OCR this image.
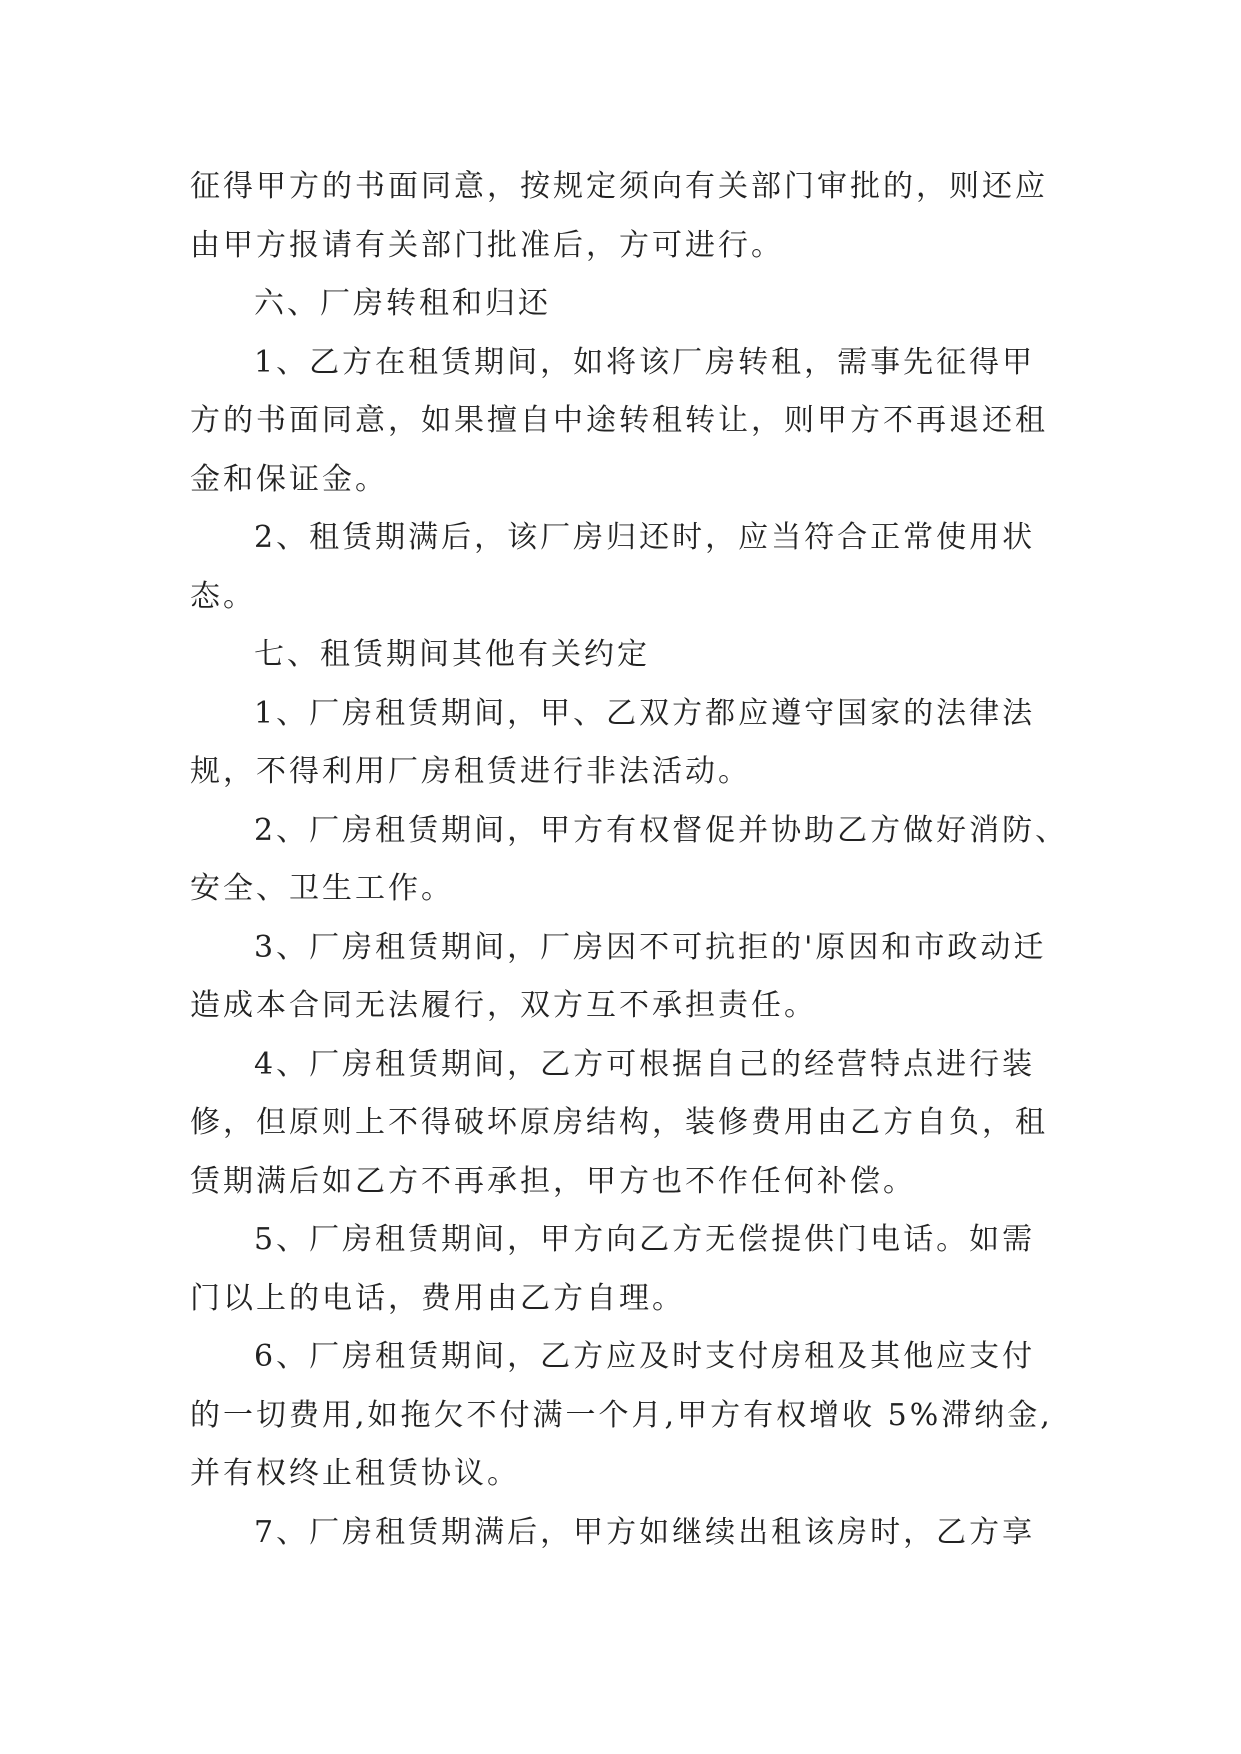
征得甲方的书面同意，按规定须向有关部门审批的，则还应
由甲方报请有关部门批准后，方可进行。
六、厂房转租和归还
1、乙方在租赁期间，如将该厂房转租，需事先征得甲
方的书面同意，如果擅自中途转租转让，则甲方不再退还租
金和保证金。
2、租赁期满后，该厂房归还时，应当符合正常使用状
态。
七、租赁期间其他有关约定
1、厂房租赁期间，甲、乙双方都应遵守国家的法律法
规，不得利用厂房租赁进行非法活动。
2、厂房租赁期间，甲方有权督促并协助乙方做好消防、
安全、卫生工作。
3、厂房租赁期间，厂房因不可抗拒的'原因和市政动迁
造成本合同无法履行，双方互不承担责任。
4、厂房租赁期间，乙方可根据自己的经营特点进行装
修，但原则上不得破坏原房结构，装修费用由乙方自负，租
赁期满后如乙方不再承担，甲方也不作任何补偿。
5、厂房租赁期间，甲方向乙方无偿提供门电话。如需
门以上的电话，费用由乙方自理。
6、厂房租赁期间，乙方应及时支付房租及其他应支付
的一切费用,如拖欠不付满一个月,甲方有权增收 5%滞纳金,
并有权终止租赁协议。
7、厂房租赁期满后，甲方如继续出租该房时，乙方享
